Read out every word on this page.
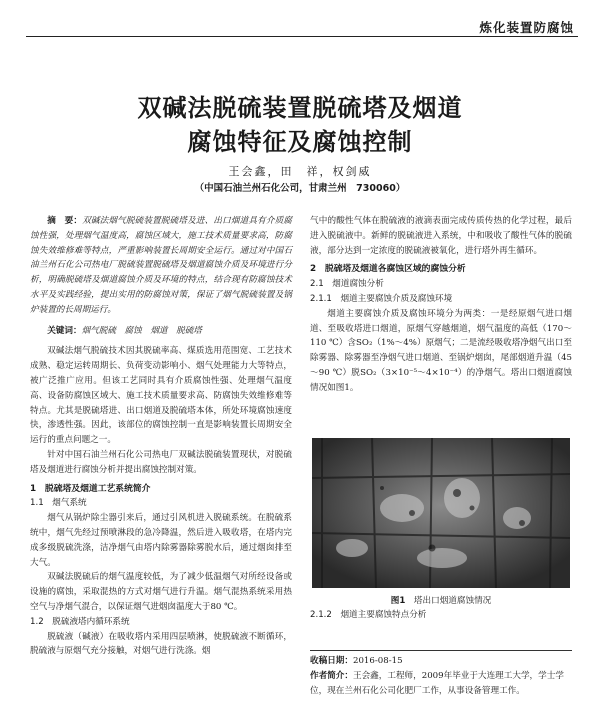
炼化装置防腐蚀
双碱法脱硫装置脱硫塔及烟道
腐蚀特征及腐蚀控制
王会鑫，田　祥，权剑威
（中国石油兰州石化公司，甘肃兰州　730060）

摘　要：双碱法烟气脱硫装置脱硫塔及进、出口烟道具有介质腐蚀性强，处理烟气温度高，腐蚀区域大，施工技术质量要求高，防腐蚀失效维修难等特点，严重影响装置长周期安全运行。通过对中国石油兰州石化公司热电厂脱硫装置脱硫塔及烟道腐蚀介质及环境进行分析，明确脱硫塔及烟道腐蚀介质及环境的特点，结合现有防腐蚀技术水平及实践经验，提出实用的防腐蚀对策，保证了烟气脱硫装置及锅炉装置的长周期运行。

关键词：烟气脱硫　腐蚀　烟道　脱硫塔

双碱法烟气脱硫技术因其脱硫率高、煤质选用范围宽、工艺技术成熟、稳定运转周期长、负荷变动影响小、烟气处理能力大等特点，被广泛推广应用。但该工艺同时具有介质腐蚀性强、处理烟气温度高、设备防腐蚀区域大、施工技术质量要求高、防腐蚀失效维修难等特点。尤其是脱硫塔进、出口烟道及脱硫塔本体，所处环境腐蚀速度快，渗透性强。因此，该部位的腐蚀控制一直是影响装置长周期安全运行的重点问题之一。

针对中国石油兰州石化公司热电厂双碱法脱硫装置现状，对脱硫塔及烟道进行腐蚀分析并提出腐蚀控制对策。

1　脱硫塔及烟道工艺系统简介

1.1　烟气系统

烟气从锅炉除尘器引来后，通过引风机进入脱硫系统。在脱硫系统中，烟气先经过预喷淋段的急冷降温，然后进入吸收塔，在塔内完成多级脱硫洗涤，洁净烟气由塔内除雾器除雾脱水后，通过烟囱排至大气。

双碱法脱硫后的烟气温度较低，为了减少低温烟气对所经设备或设施的腐蚀，采取混热的方式对烟气进行升温。烟气混热系统采用热空气与净烟气混合，以保证烟气进烟囱温度大于80 ℃。

1.2　脱硫液塔内循环系统

脱硫液（碱液）在吸收塔内采用四层喷淋，使脱硫液不断循环，脱硫液与原烟气充分接触，对烟气进行洗涤。烟

气中的酸性气体在脱硫液的液滴表面完成传质传热的化学过程，最后进入脱硫液中。新鲜的脱硫液进入系统，中和吸收了酸性气体的脱硫液，部分达到一定浓度的脱硫液被氧化，进行塔外再生循环。

2　脱硫塔及烟道各腐蚀区域的腐蚀分析

2.1　烟道腐蚀分析

2.1.1　烟道主要腐蚀介质及腐蚀环境

烟道主要腐蚀介质及腐蚀环境分为两类：一是经原烟气进口烟道、至吸收塔进口烟道，原烟气穿越烟道，烟气温度的高低（170～110 ℃）含SO₂（1%～4%）原烟气；二是流经吸收塔净烟气出口至除雾器、除雾器至净烟气进口烟道、至锅炉烟囱，尾部烟道升温（45～90 ℃）脱SO₂（3×10⁻⁵～4×10⁻⁴）的净烟气。塔出口烟道腐蚀情况如图1。

图1　 塔出口烟道腐蚀情况

2.1.2　烟道主要腐蚀特点分析

收稿日期：2016-08-15
作者简介：王会鑫，工程师，2009年毕业于大连理工大学，学士学位，现在兰州石化公司化肥厂工作，从事设备管理工作。
